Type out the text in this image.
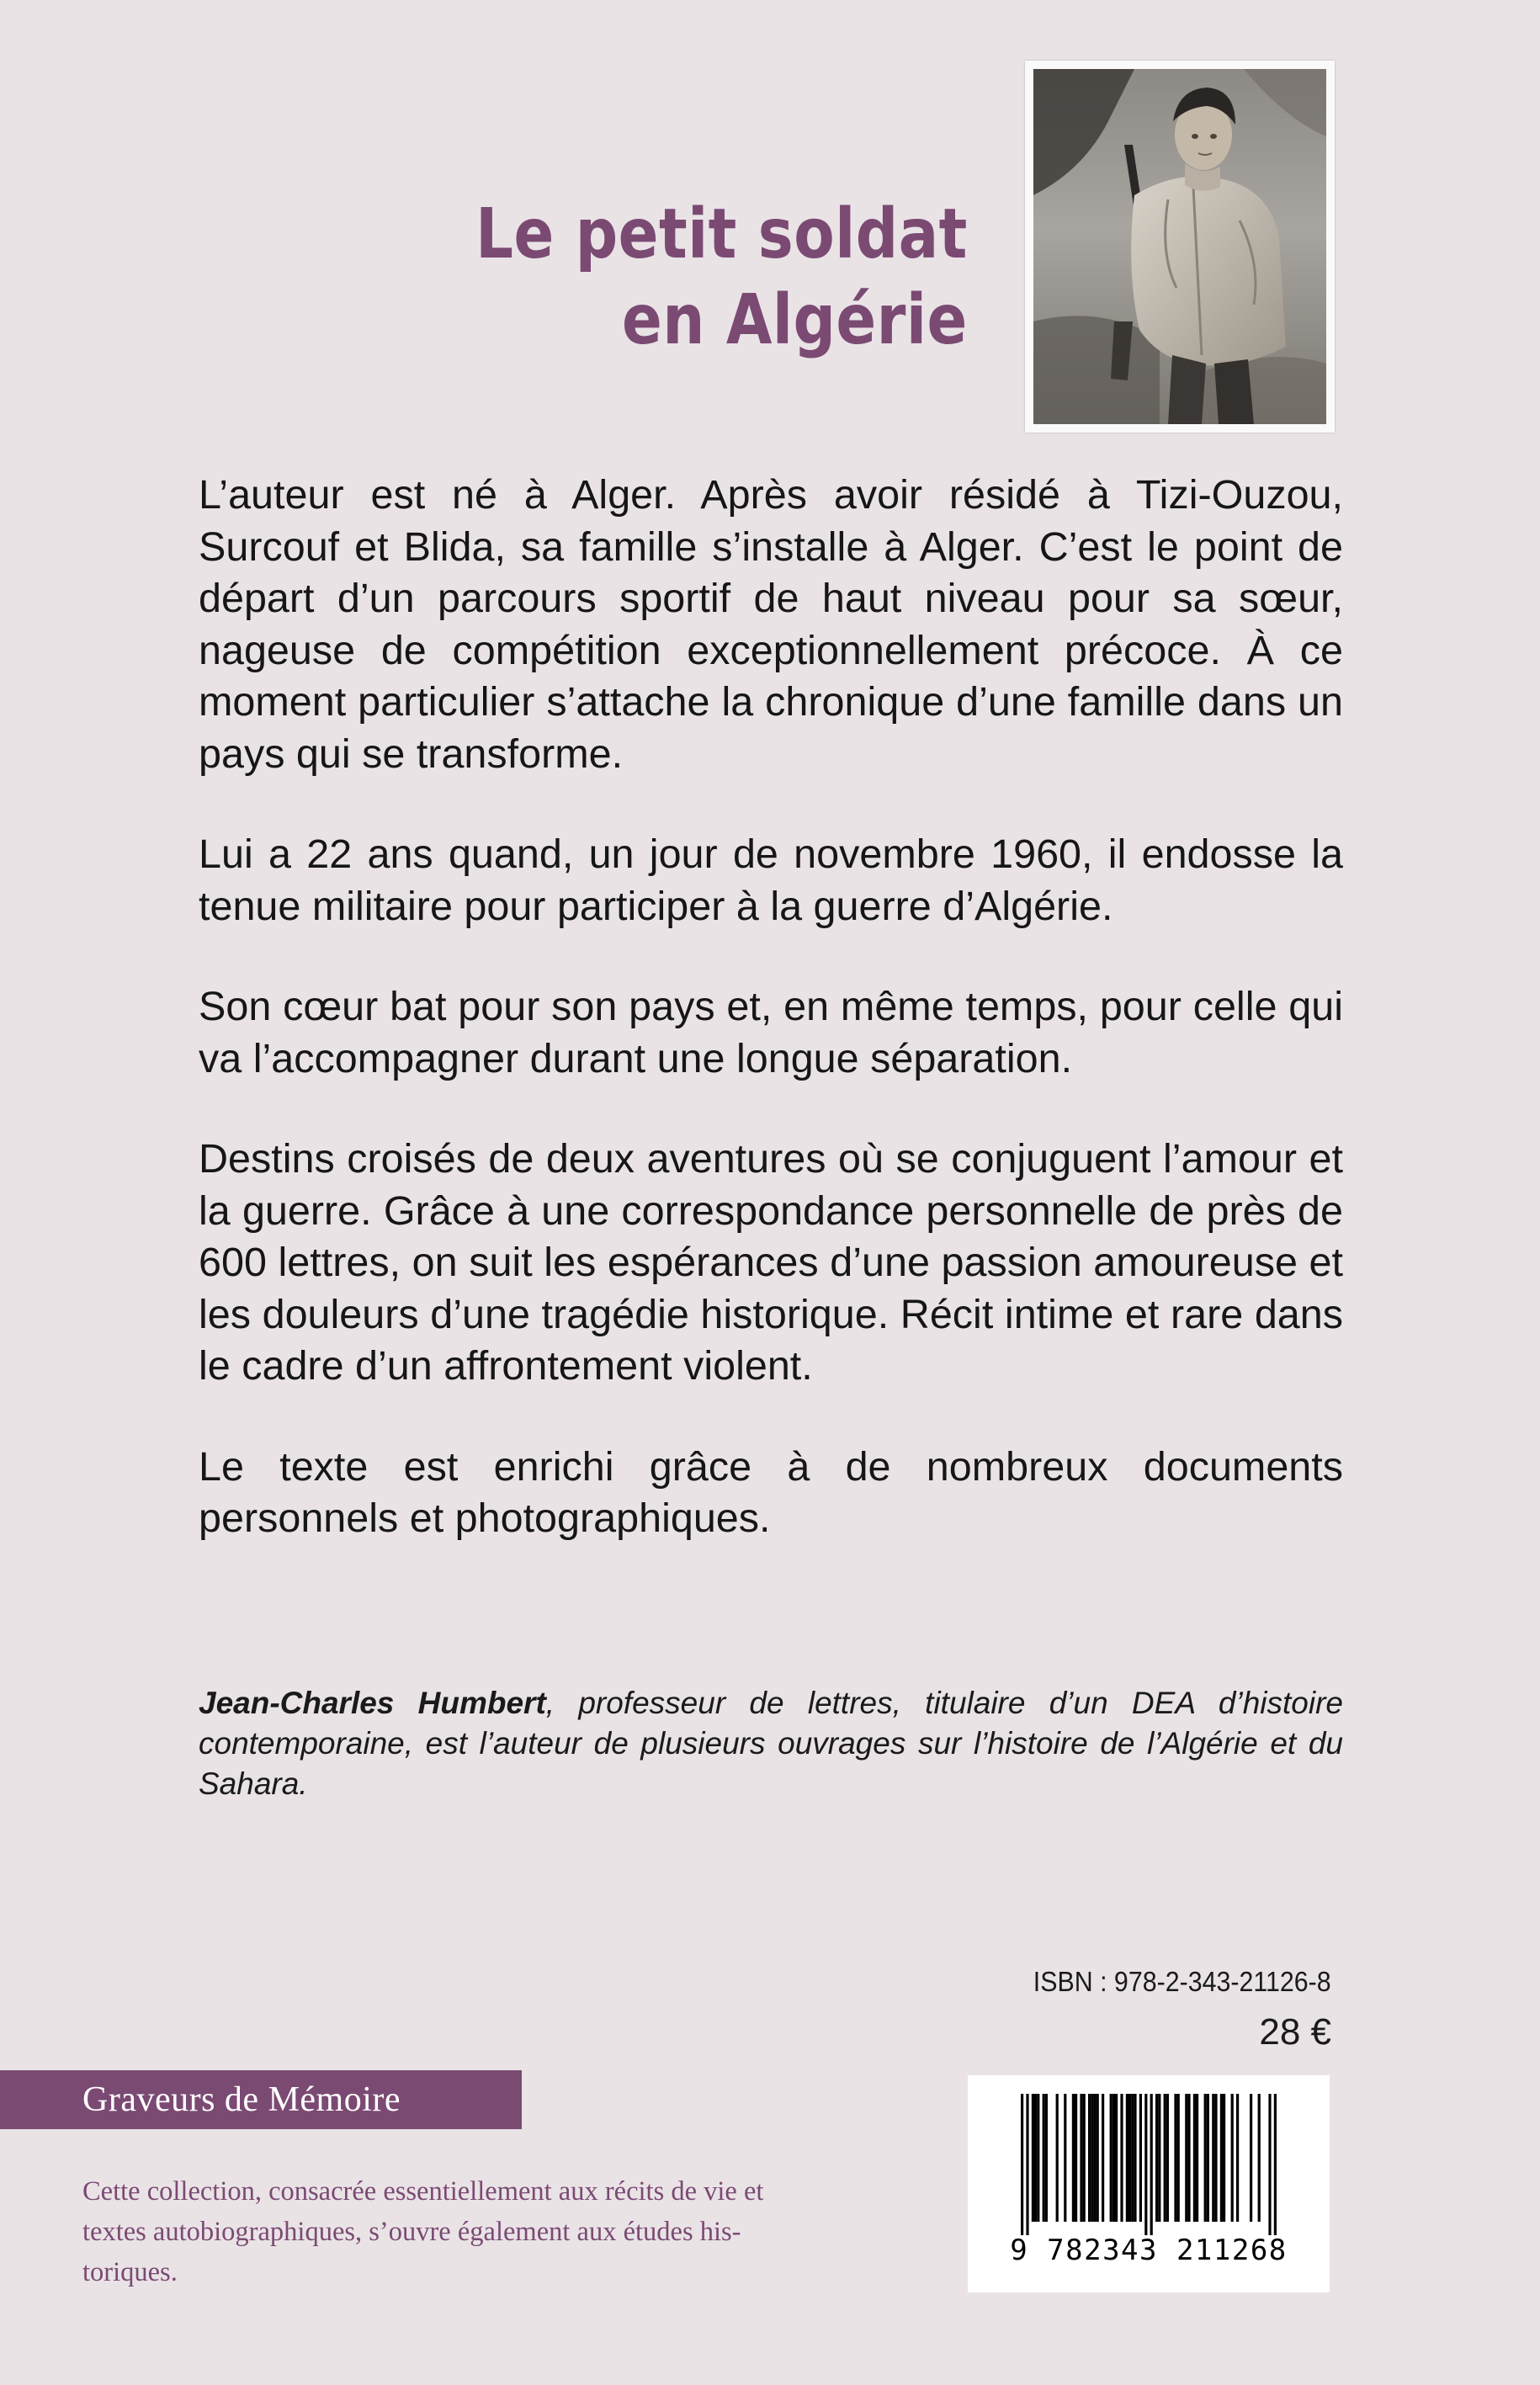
Le petit soldat
en Algérie

L’auteur est né à Alger. Après avoir résidé à Tizi-Ouzou, Surcouf et Blida, sa famille s’installe à Alger. C’est le point de départ d’un parcours sportif de haut niveau pour sa sœur, nageuse de compétition exceptionnellement précoce. À ce moment particulier s’attache la chronique d’une famille dans un pays qui se transforme.

Lui a 22 ans quand, un jour de novembre 1960, il endosse la tenue militaire pour participer à la guerre d’Algérie.

Son cœur bat pour son pays et, en même temps, pour celle qui va l’accompagner durant une longue séparation.

Destins croisés de deux aventures où se conjuguent l’amour et la guerre. Grâce à une correspondance personnelle de près de 600 lettres, on suit les espérances d’une passion amoureuse et les douleurs d’une tragédie historique. Récit intime et rare dans le cadre d’un affrontement violent.

Le texte est enrichi grâce à de nombreux documents personnels et photographiques.

Jean-Charles Humbert, professeur de lettres, titulaire d’un DEA d’histoire contemporaine, est l’auteur de plusieurs ouvrages sur l’histoire de l’Algérie et du Sahara.
ISBN : 978-2-343-21126-8
28 €
Graveurs de Mémoire
Cette collection, consacrée essentiellement aux récits de vie et
textes autobiographiques, s’ouvre également aux études his-
toriques.
9 782343 211268
